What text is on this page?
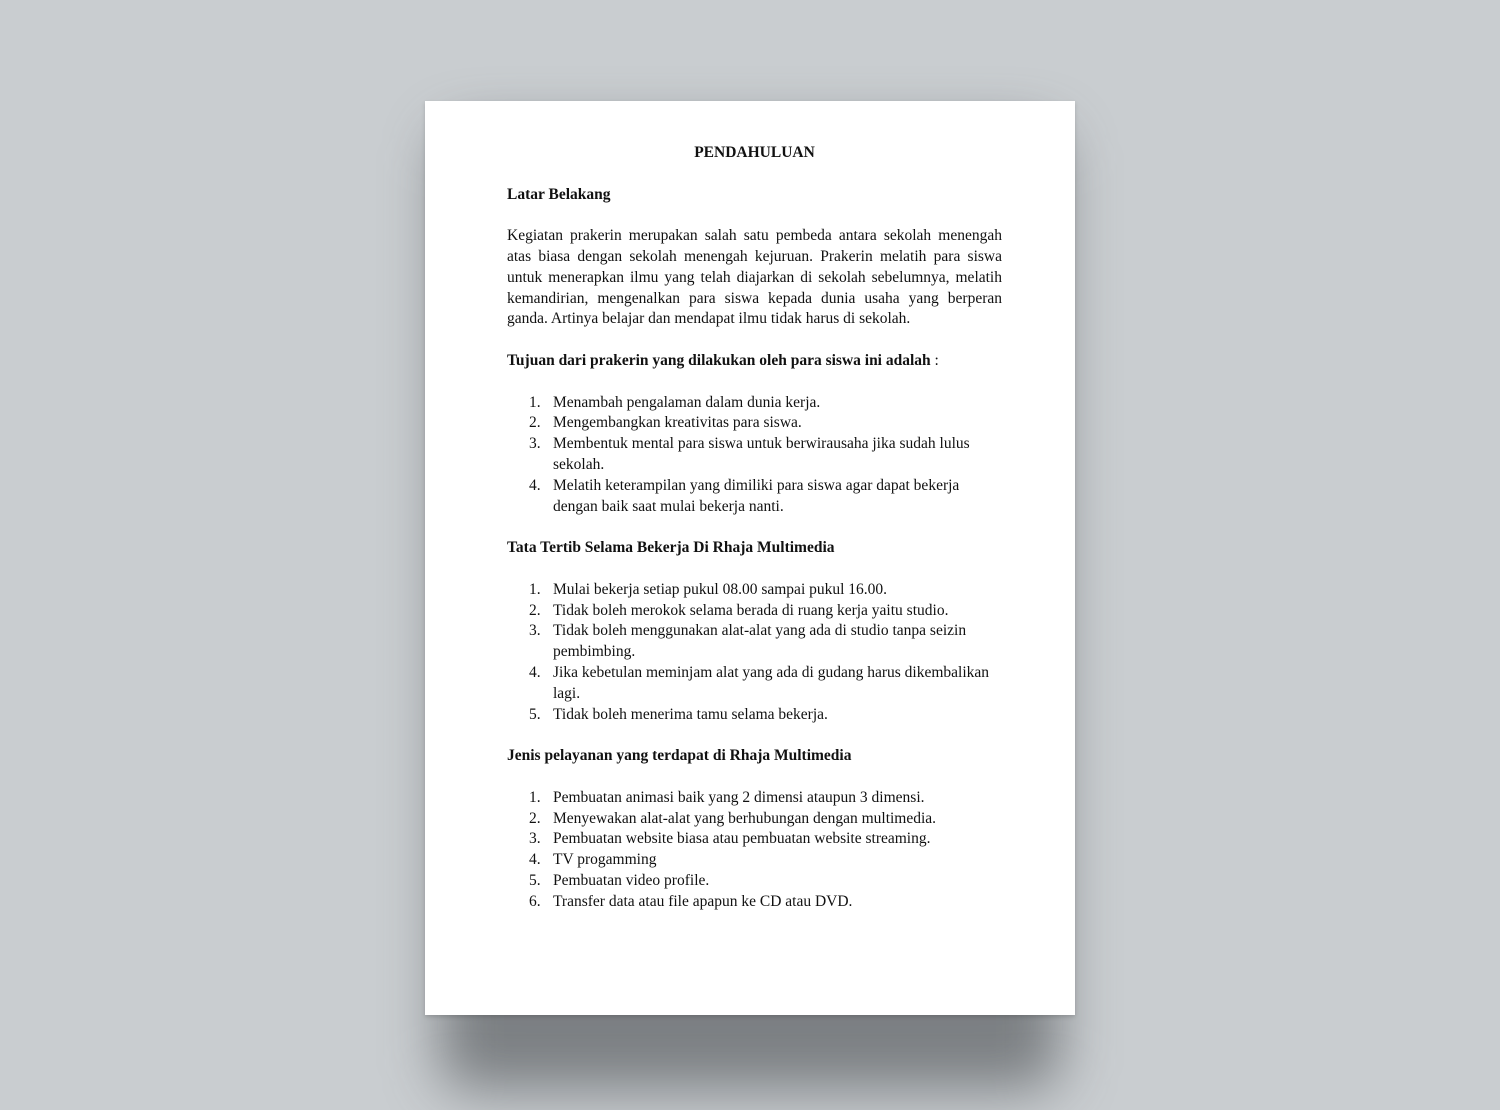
PENDAHULUAN
Latar Belakang
Kegiatan prakerin merupakan salah satu pembeda antara sekolah menengah atas biasa dengan sekolah menengah kejuruan. Prakerin melatih para siswa untuk menerapkan ilmu yang telah diajarkan di sekolah sebelumnya, melatih kemandirian, mengenalkan para siswa kepada dunia usaha yang berperan ganda. Artinya belajar dan mendapat ilmu tidak harus di sekolah.
Tujuan dari prakerin yang dilakukan oleh para siswa ini adalah :
1. Menambah pengalaman dalam dunia kerja.
2. Mengembangkan kreativitas para siswa.
3. Membentuk mental para siswa untuk berwirausaha jika sudah lulus sekolah.
4. Melatih keterampilan yang dimiliki para siswa agar dapat bekerja dengan baik saat mulai bekerja nanti.
Tata Tertib Selama Bekerja Di Rhaja Multimedia
1. Mulai bekerja setiap pukul 08.00 sampai pukul 16.00.
2. Tidak boleh merokok selama berada di ruang kerja yaitu studio.
3. Tidak boleh menggunakan alat-alat yang ada di studio tanpa seizin pembimbing.
4. Jika kebetulan meminjam alat yang ada di gudang harus dikembalikan lagi.
5. Tidak boleh menerima tamu selama bekerja.
Jenis pelayanan yang terdapat di Rhaja Multimedia
1. Pembuatan animasi baik yang 2 dimensi ataupun 3 dimensi.
2. Menyewakan alat-alat yang berhubungan dengan multimedia.
3. Pembuatan website biasa atau pembuatan website streaming.
4. TV progamming
5. Pembuatan video profile.
6. Transfer data atau file apapun ke CD atau DVD.
